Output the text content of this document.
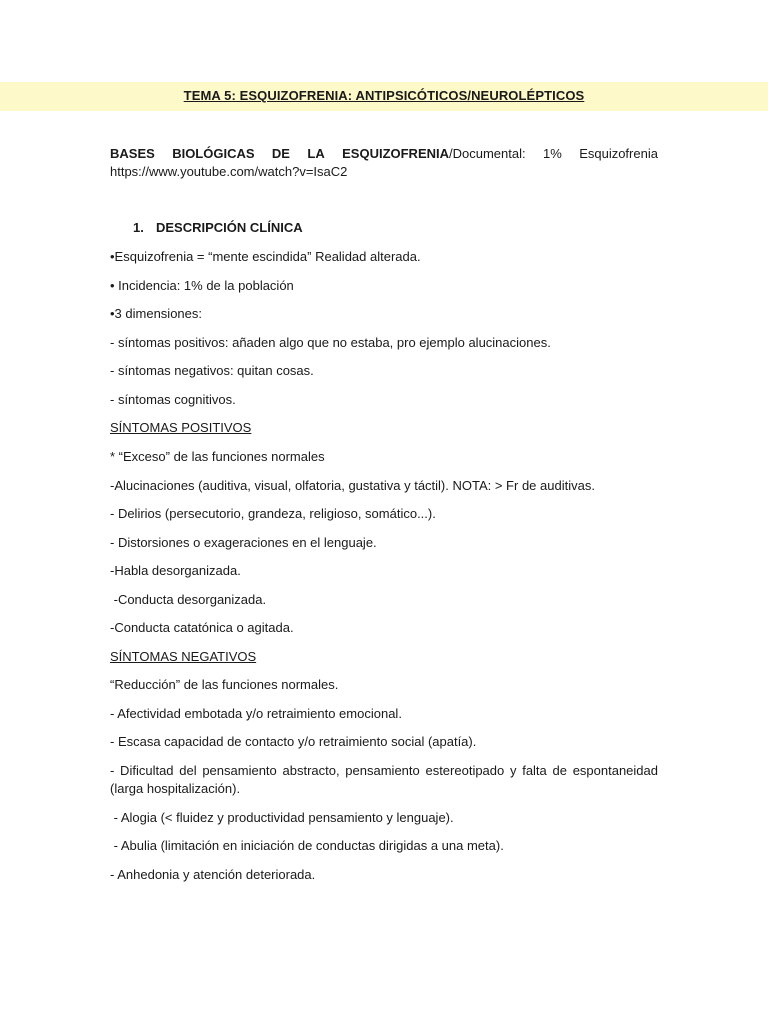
TEMA 5: ESQUIZOFRENIA: ANTIPSICÓTICOS/NEUROLÉPTICOS
BASES BIOLÓGICAS DE LA ESQUIZOFRENIA/Documental: 1% Esquizofrenia
https://www.youtube.com/watch?v=IsaC2
1. DESCRIPCIÓN CLÍNICA
•Esquizofrenia = “mente escindida” Realidad alterada.
• Incidencia: 1% de la población
•3 dimensiones:
- síntomas positivos: añaden algo que no estaba, pro ejemplo alucinaciones.
- síntomas negativos: quitan cosas.
- síntomas cognitivos.
SÍNTOMAS POSITIVOS
* “Exceso” de las funciones normales
-Alucinaciones (auditiva, visual, olfatoria, gustativa y táctil). NOTA: > Fr de auditivas.
- Delirios (persecutorio, grandeza, religioso, somático...).
- Distorsiones o exageraciones en el lenguaje.
-Habla desorganizada.
-Conducta desorganizada.
-Conducta catatónica o agitada.
SÍNTOMAS NEGATIVOS
“Reducción” de las funciones normales.
- Afectividad embotada y/o retraimiento emocional.
- Escasa capacidad de contacto y/o retraimiento social (apatía).
- Dificultad del pensamiento abstracto, pensamiento estereotipado y falta de espontaneidad (larga hospitalización).
- Alogia (< fluidez y productividad pensamiento y lenguaje).
- Abulia (limitación en iniciación de conductas dirigidas a una meta).
- Anhedonia y atención deteriorada.
